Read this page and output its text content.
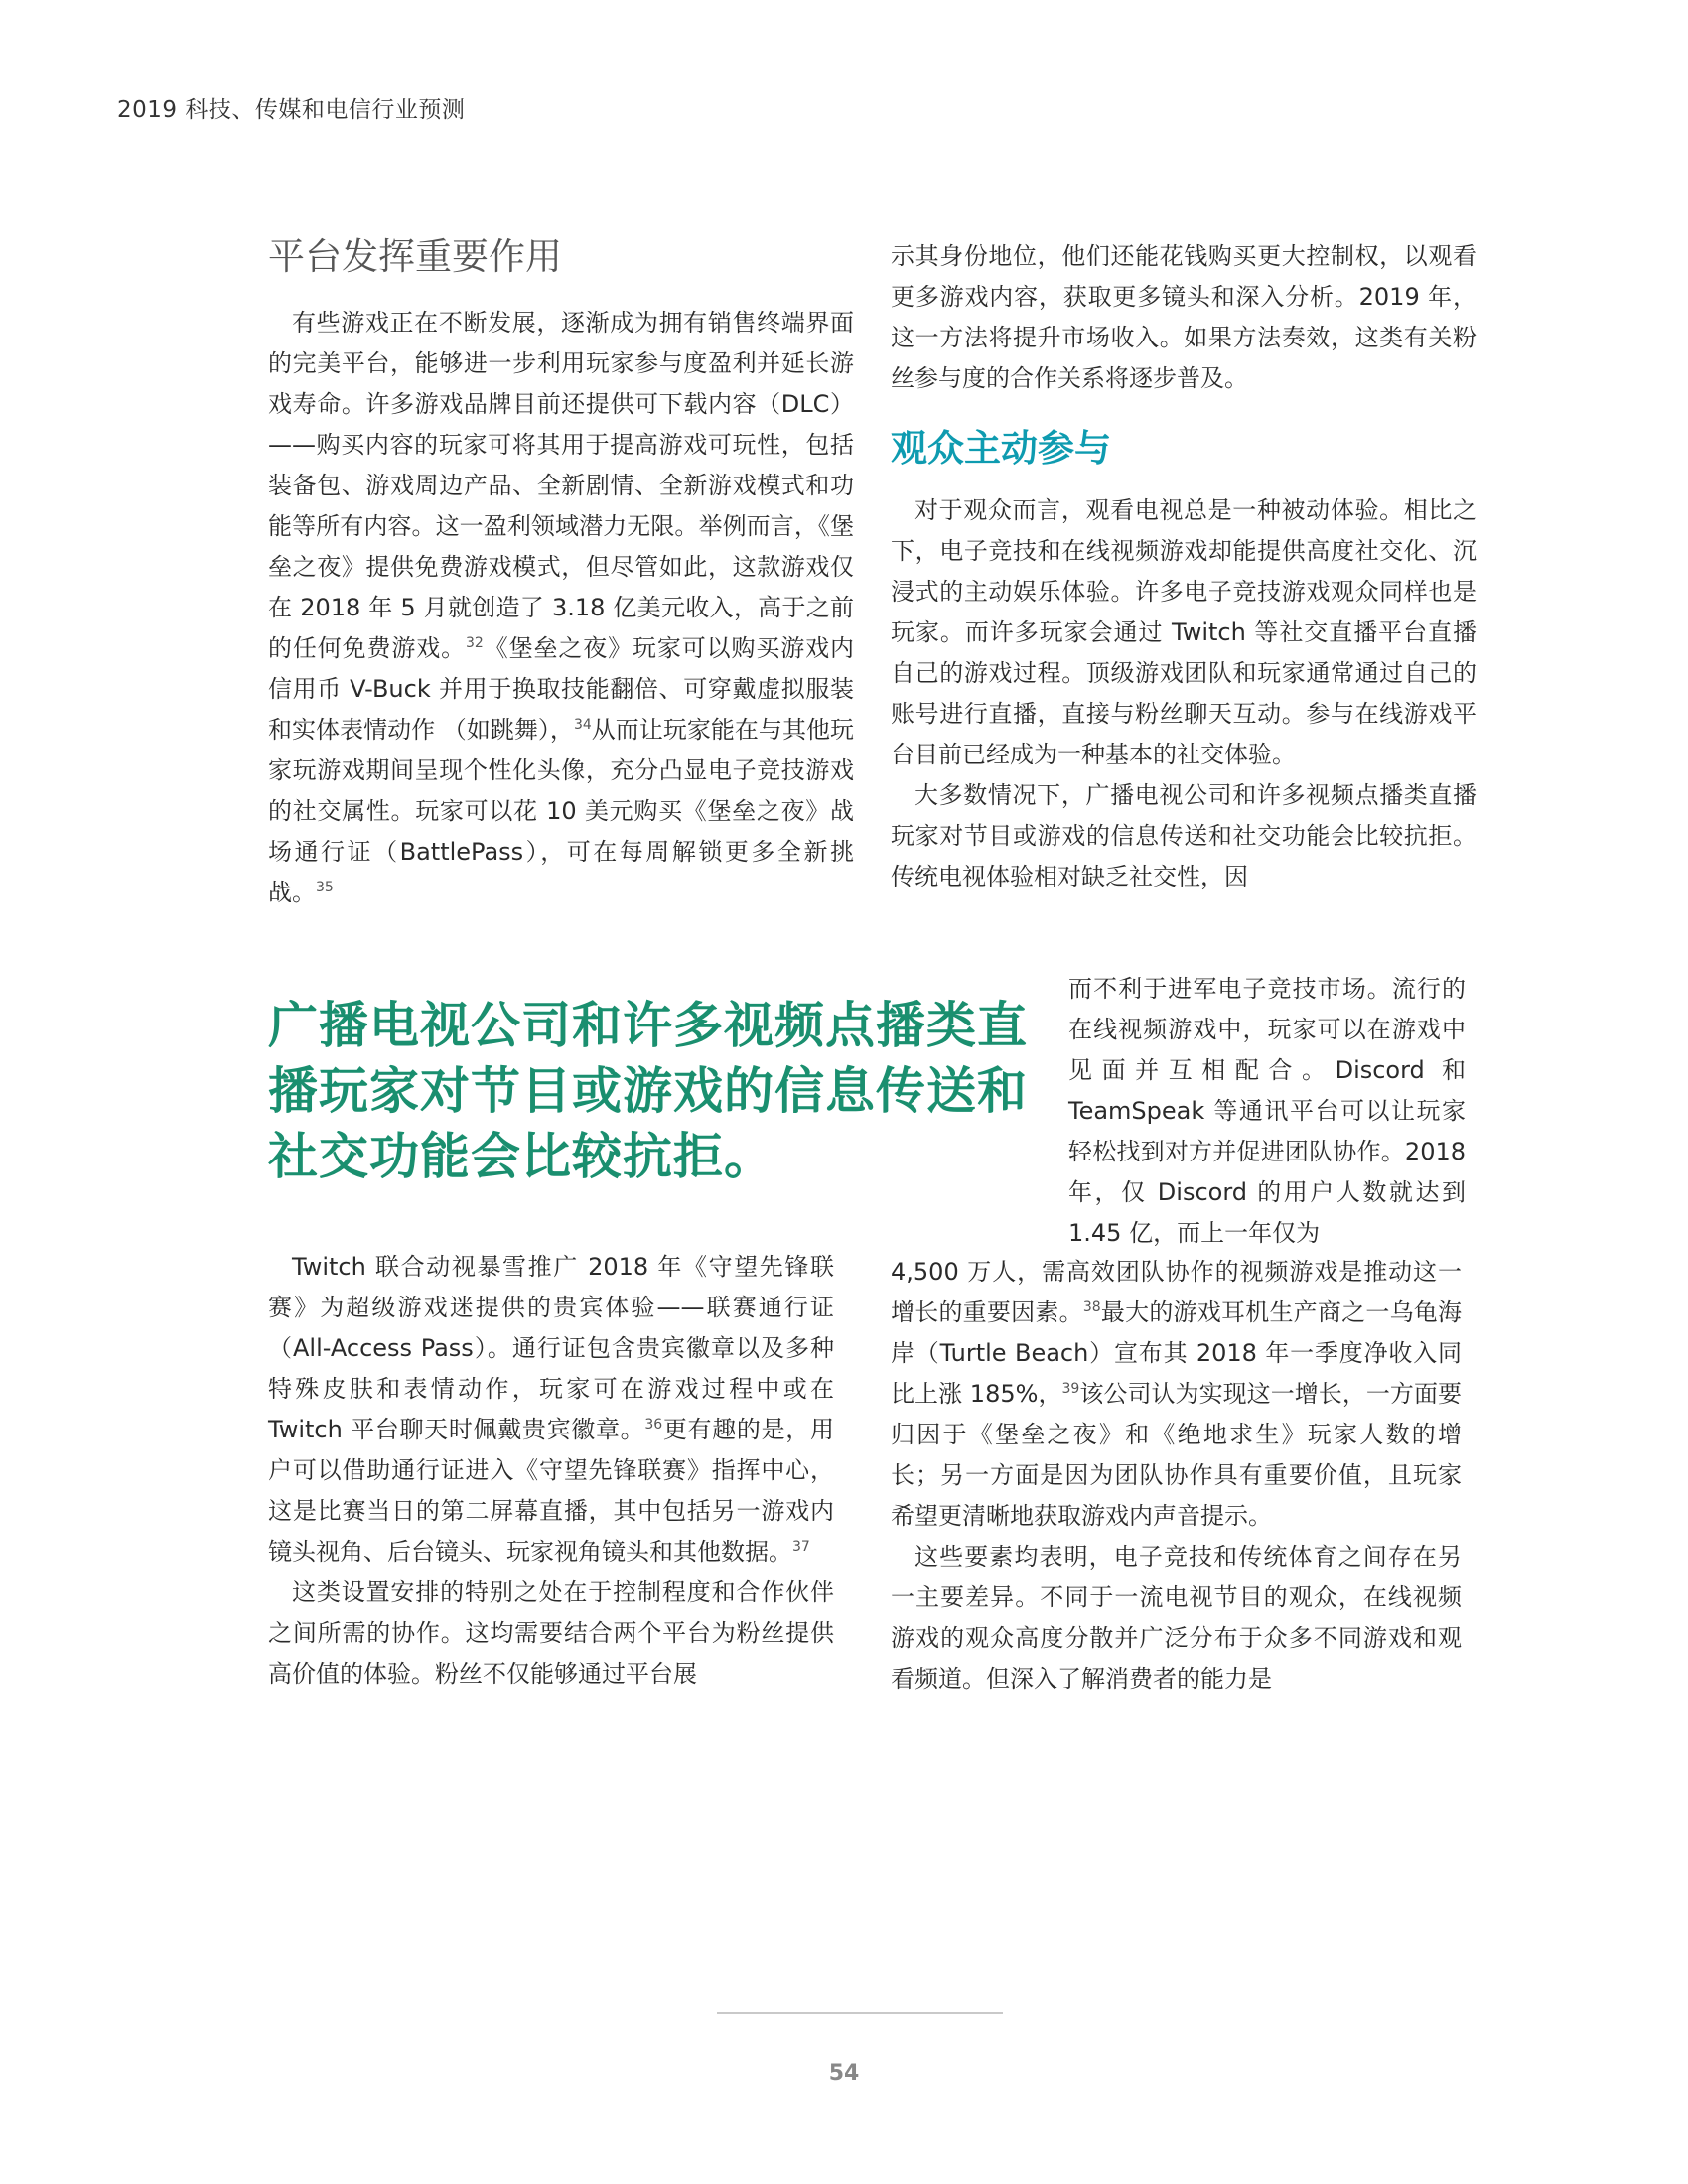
2019 科技、传媒和电信行业预测
平台发挥重要作用

有些游戏正在不断发展，逐渐成为拥有销售终端界面的完美平台，能够进一步利用玩家参与度盈利并延长游戏寿命。许多游戏品牌目前还提供可下载内容（DLC）——购买内容的玩家可将其用于提高游戏可玩性，包括装备包、游戏周边产品、全新剧情、全新游戏模式和功能等所有内容。这一盈利领域潜力无限。举例而言，《堡垒之夜》提供免费游戏模式，但尽管如此，这款游戏仅在 2018 年 5 月就创造了 3.18 亿美元收入，高于之前的任何免费游戏。$^{32}$《堡垒之夜》玩家可以购买游戏内信用币 V-Buck 并用于换取技能翻倍、可穿戴虚拟服装和实体表情动作 （如跳舞），$^{34}$从而让玩家能在与其他玩家玩游戏期间呈现个性化头像，充分凸显电子竞技游戏的社交属性。玩家可以花 10 美元购买《堡垒之夜》战场通行证（BattlePass），可在每周解锁更多全新挑战。$^{35}$

广播电视公司和许多视频点播类直播玩家对节目或游戏的信息传送和社交功能会比较抗拒。

Twitch 联合动视暴雪推广 2018 年《守望先锋联赛》为超级游戏迷提供的贵宾体验——联赛通行证（All-Access Pass）。通行证包含贵宾徽章以及多种特殊皮肤和表情动作，玩家可在游戏过程中或在 Twitch 平台聊天时佩戴贵宾徽章。$^{36}$更有趣的是，用户可以借助通行证进入《守望先锋联赛》指挥中心，这是比赛当日的第二屏幕直播，其中包括另一游戏内镜头视角、后台镜头、玩家视角镜头和其他数据。$^{37}$

这类设置安排的特别之处在于控制程度和合作伙伴之间所需的协作。这均需要结合两个平台为粉丝提供高价值的体验。粉丝不仅能够通过平台展

示其身份地位，他们还能花钱购买更大控制权，以观看更多游戏内容，获取更多镜头和深入分析。2019 年，这一方法将提升市场收入。如果方法奏效，这类有关粉丝参与度的合作关系将逐步普及。

观众主动参与

对于观众而言，观看电视总是一种被动体验。相比之下，电子竞技和在线视频游戏却能提供高度社交化、沉浸式的主动娱乐体验。许多电子竞技游戏观众同样也是玩家。而许多玩家会通过 Twitch 等社交直播平台直播自己的游戏过程。顶级游戏团队和玩家通常通过自己的账号进行直播，直接与粉丝聊天互动。参与在线游戏平台目前已经成为一种基本的社交体验。

大多数情况下，广播电视公司和许多视频点播类直播玩家对节目或游戏的信息传送和社交功能会比较抗拒。传统电视体验相对缺乏社交性，因

而不利于进军电子竞技市场。流行的在线视频游戏中，玩家可以在游戏中见面并互相配合。Discord 和 TeamSpeak 等通讯平台可以让玩家轻松找到对方并促进团队协作。2018 年，仅 Discord 的用户人数就达到 1.45 亿，而上一年仅为

4,500 万人，需高效团队协作的视频游戏是推动这一增长的重要因素。$^{38}$最大的游戏耳机生产商之一乌龟海岸（Turtle Beach）宣布其 2018 年一季度净收入同比上涨 185%，$^{39}$该公司认为实现这一增长，一方面要归因于《堡垒之夜》和《绝地求生》玩家人数的增长；另一方面是因为团队协作具有重要价值，且玩家希望更清晰地获取游戏内声音提示。

这些要素均表明，电子竞技和传统体育之间存在另一主要差异。不同于一流电视节目的观众，在线视频游戏的观众高度分散并广泛分布于众多不同游戏和观看频道。但深入了解消费者的能力是

54
